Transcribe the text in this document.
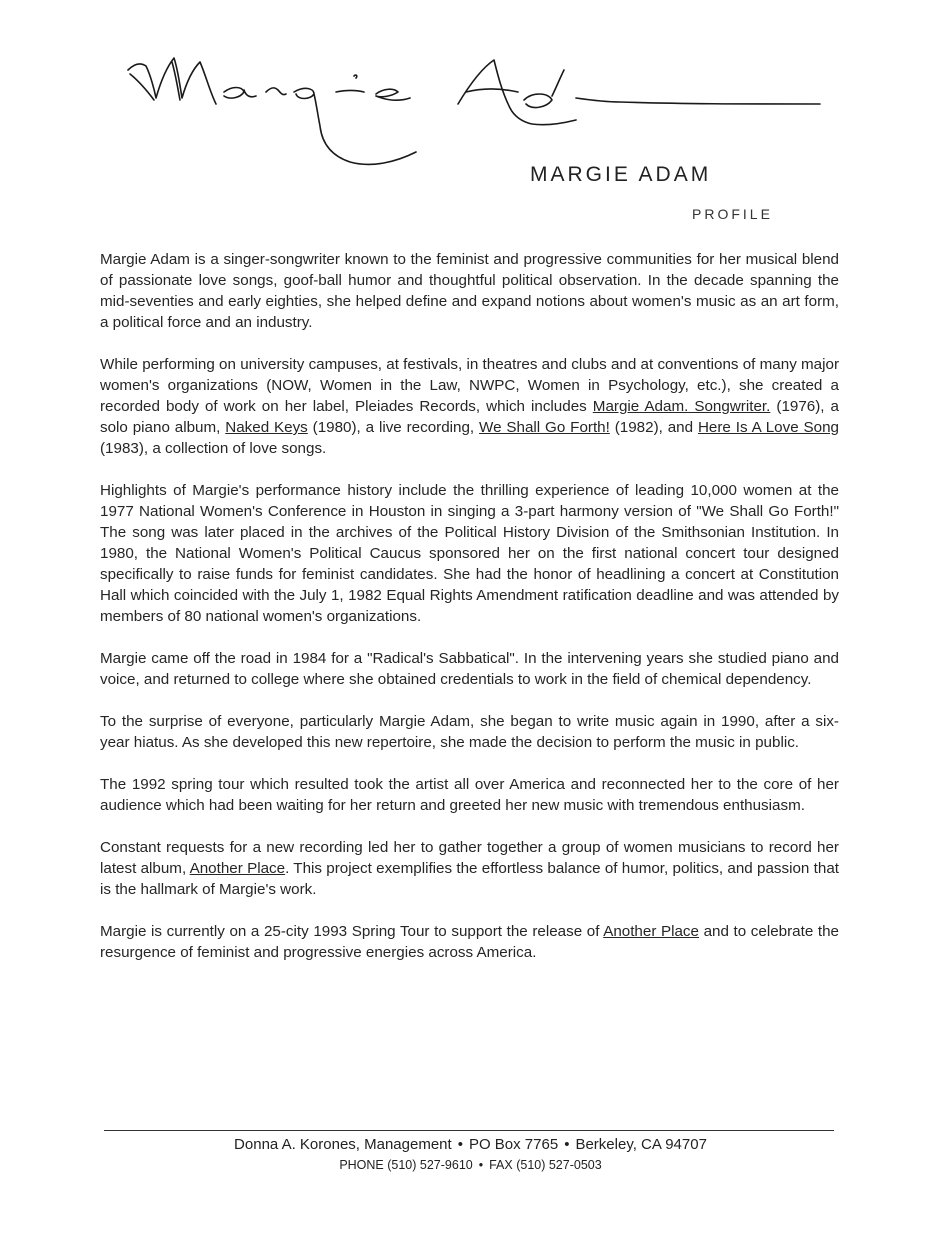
MARGIE ADAM
PROFILE

Margie Adam is a singer-songwriter known to the feminist and progressive communities for her musical blend of passionate love songs, goof-ball humor and thoughtful political observation. In the decade spanning the mid-seventies and early eighties, she helped define and expand notions about women's music as an art form, a political force and an industry.

While performing on university campuses, at festivals, in theatres and clubs and at conventions of many major women's organizations (NOW, Women in the Law, NWPC, Women in Psychology, etc.), she created a recorded body of work on her label, Pleiades Records, which includes Margie Adam. Songwriter. (1976), a solo piano album, Naked Keys (1980), a live recording, We Shall Go Forth! (1982), and Here Is A Love Song (1983), a collection of love songs.

Highlights of Margie's performance history include the thrilling experience of leading 10,000 women at the 1977 National Women's Conference in Houston in singing a 3-part harmony version of "We Shall Go Forth!" The song was later placed in the archives of the Political History Division of the Smithsonian Institution. In 1980, the National Women's Political Caucus sponsored her on the first national concert tour designed specifically to raise funds for feminist candidates. She had the honor of headlining a concert at Constitution Hall which coincided with the July 1, 1982 Equal Rights Amendment ratification deadline and was attended by members of 80 national women's organizations.

Margie came off the road in 1984 for a "Radical's Sabbatical". In the intervening years she studied piano and voice, and returned to college where she obtained credentials to work in the field of chemical dependency.

To the surprise of everyone, particularly Margie Adam, she began to write music again in 1990, after a six-year hiatus. As she developed this new repertoire, she made the decision to perform the music in public.

The 1992 spring tour which resulted took the artist all over America and reconnected her to the core of her audience which had been waiting for her return and greeted her new music with tremendous enthusiasm.

Constant requests for a new recording led her to gather together a group of women musicians to record her latest album, Another Place. This project exemplifies the effortless balance of humor, politics, and passion that is the hallmark of Margie's work.

Margie is currently on a 25-city 1993 Spring Tour to support the release of Another Place and to celebrate the resurgence of feminist and progressive energies across America.

Donna A. Korones, Management • PO Box 7765 • Berkeley, CA 94707
PHONE (510) 527-9610 • FAX (510) 527-0503
